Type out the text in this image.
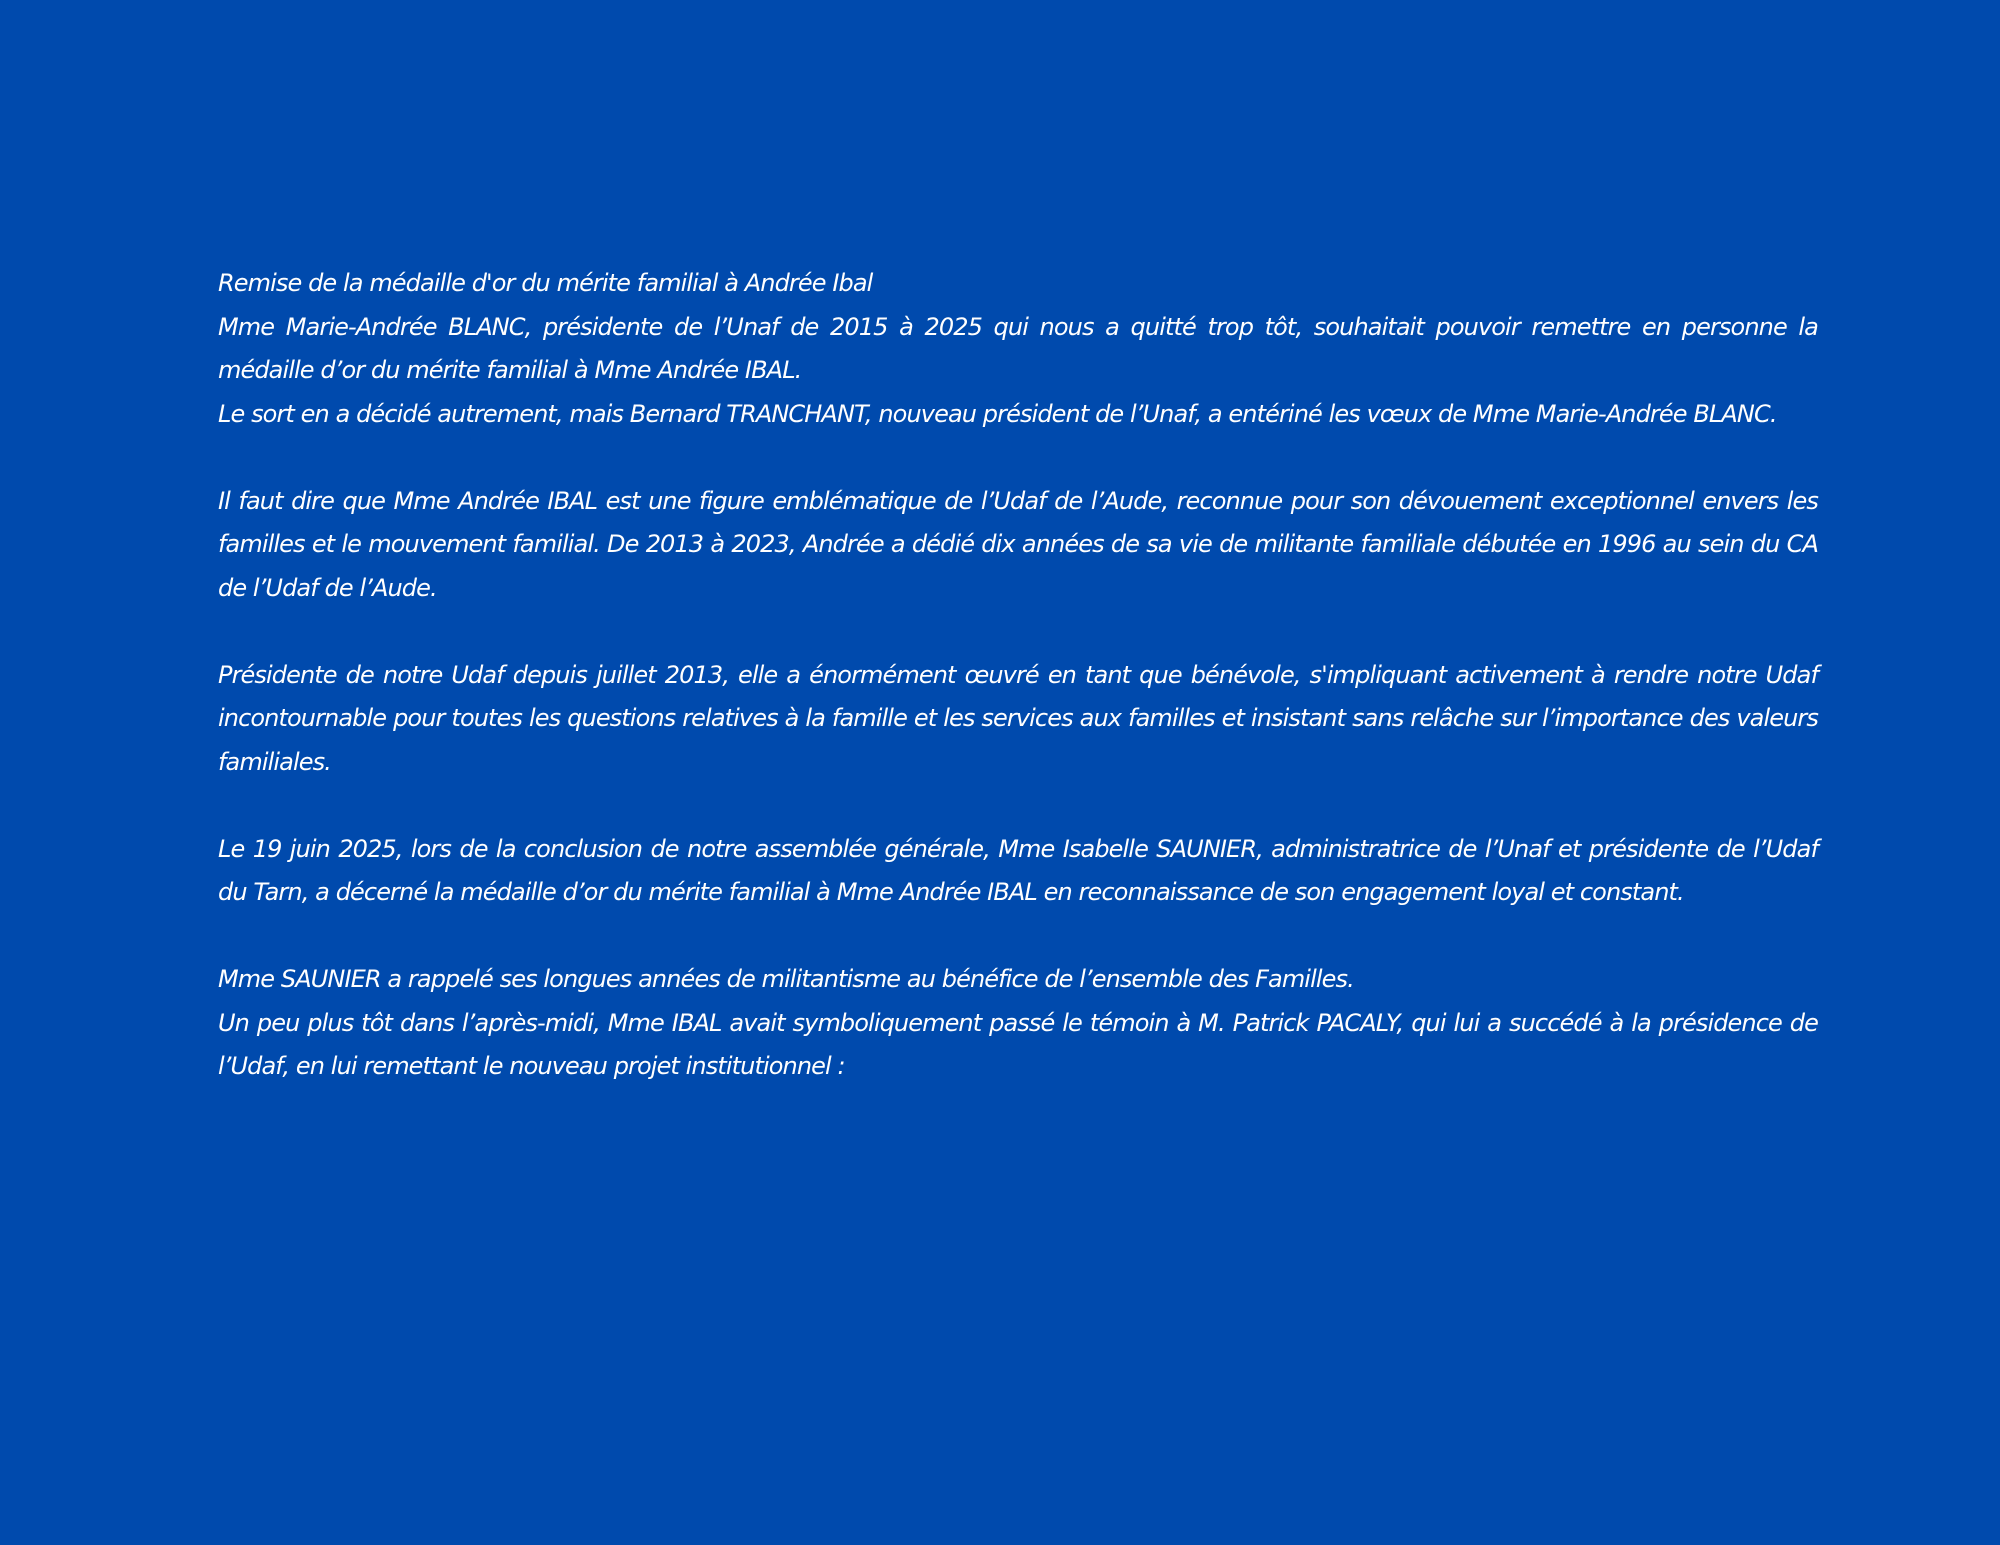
Remise de la médaille d'or du mérite familial à Andrée Ibal

Mme Marie-Andrée BLANC, présidente de l’Unaf de 2015 à 2025 qui nous a quitté trop tôt, souhaitait pouvoir remettre en personne la médaille d’or du mérite familial à Mme Andrée IBAL.

Le sort en a décidé autrement, mais Bernard TRANCHANT, nouveau président de l’Unaf, a entériné les vœux de Mme Marie-Andrée BLANC.

Il faut dire que Mme Andrée IBAL est une figure emblématique de l’Udaf de l’Aude, reconnue pour son dévouement exceptionnel envers les familles et le mouvement familial. De 2013 à 2023, Andrée a dédié dix années de sa vie de militante familiale débutée en 1996 au sein du CA de l’Udaf de l’Aude.

Présidente de notre Udaf depuis juillet 2013, elle a énormément œuvré en tant que bénévole, s'impliquant activement à rendre notre Udaf incontournable pour toutes les questions relatives à la famille et les services aux familles et insistant sans relâche sur l’importance des valeurs familiales.

Le 19 juin 2025, lors de la conclusion de notre assemblée générale, Mme Isabelle SAUNIER, administratrice de l’Unaf et présidente de l’Udaf du Tarn, a décerné la médaille d’or du mérite familial à Mme Andrée IBAL en reconnaissance de son engagement loyal et constant.

Mme SAUNIER a rappelé ses longues années de militantisme au bénéfice de l’ensemble des Familles.

Un peu plus tôt dans l’après-midi, Mme IBAL avait symboliquement passé le témoin à M. Patrick PACALY, qui lui a succédé à la présidence de l’Udaf, en lui remettant le nouveau projet institutionnel :
